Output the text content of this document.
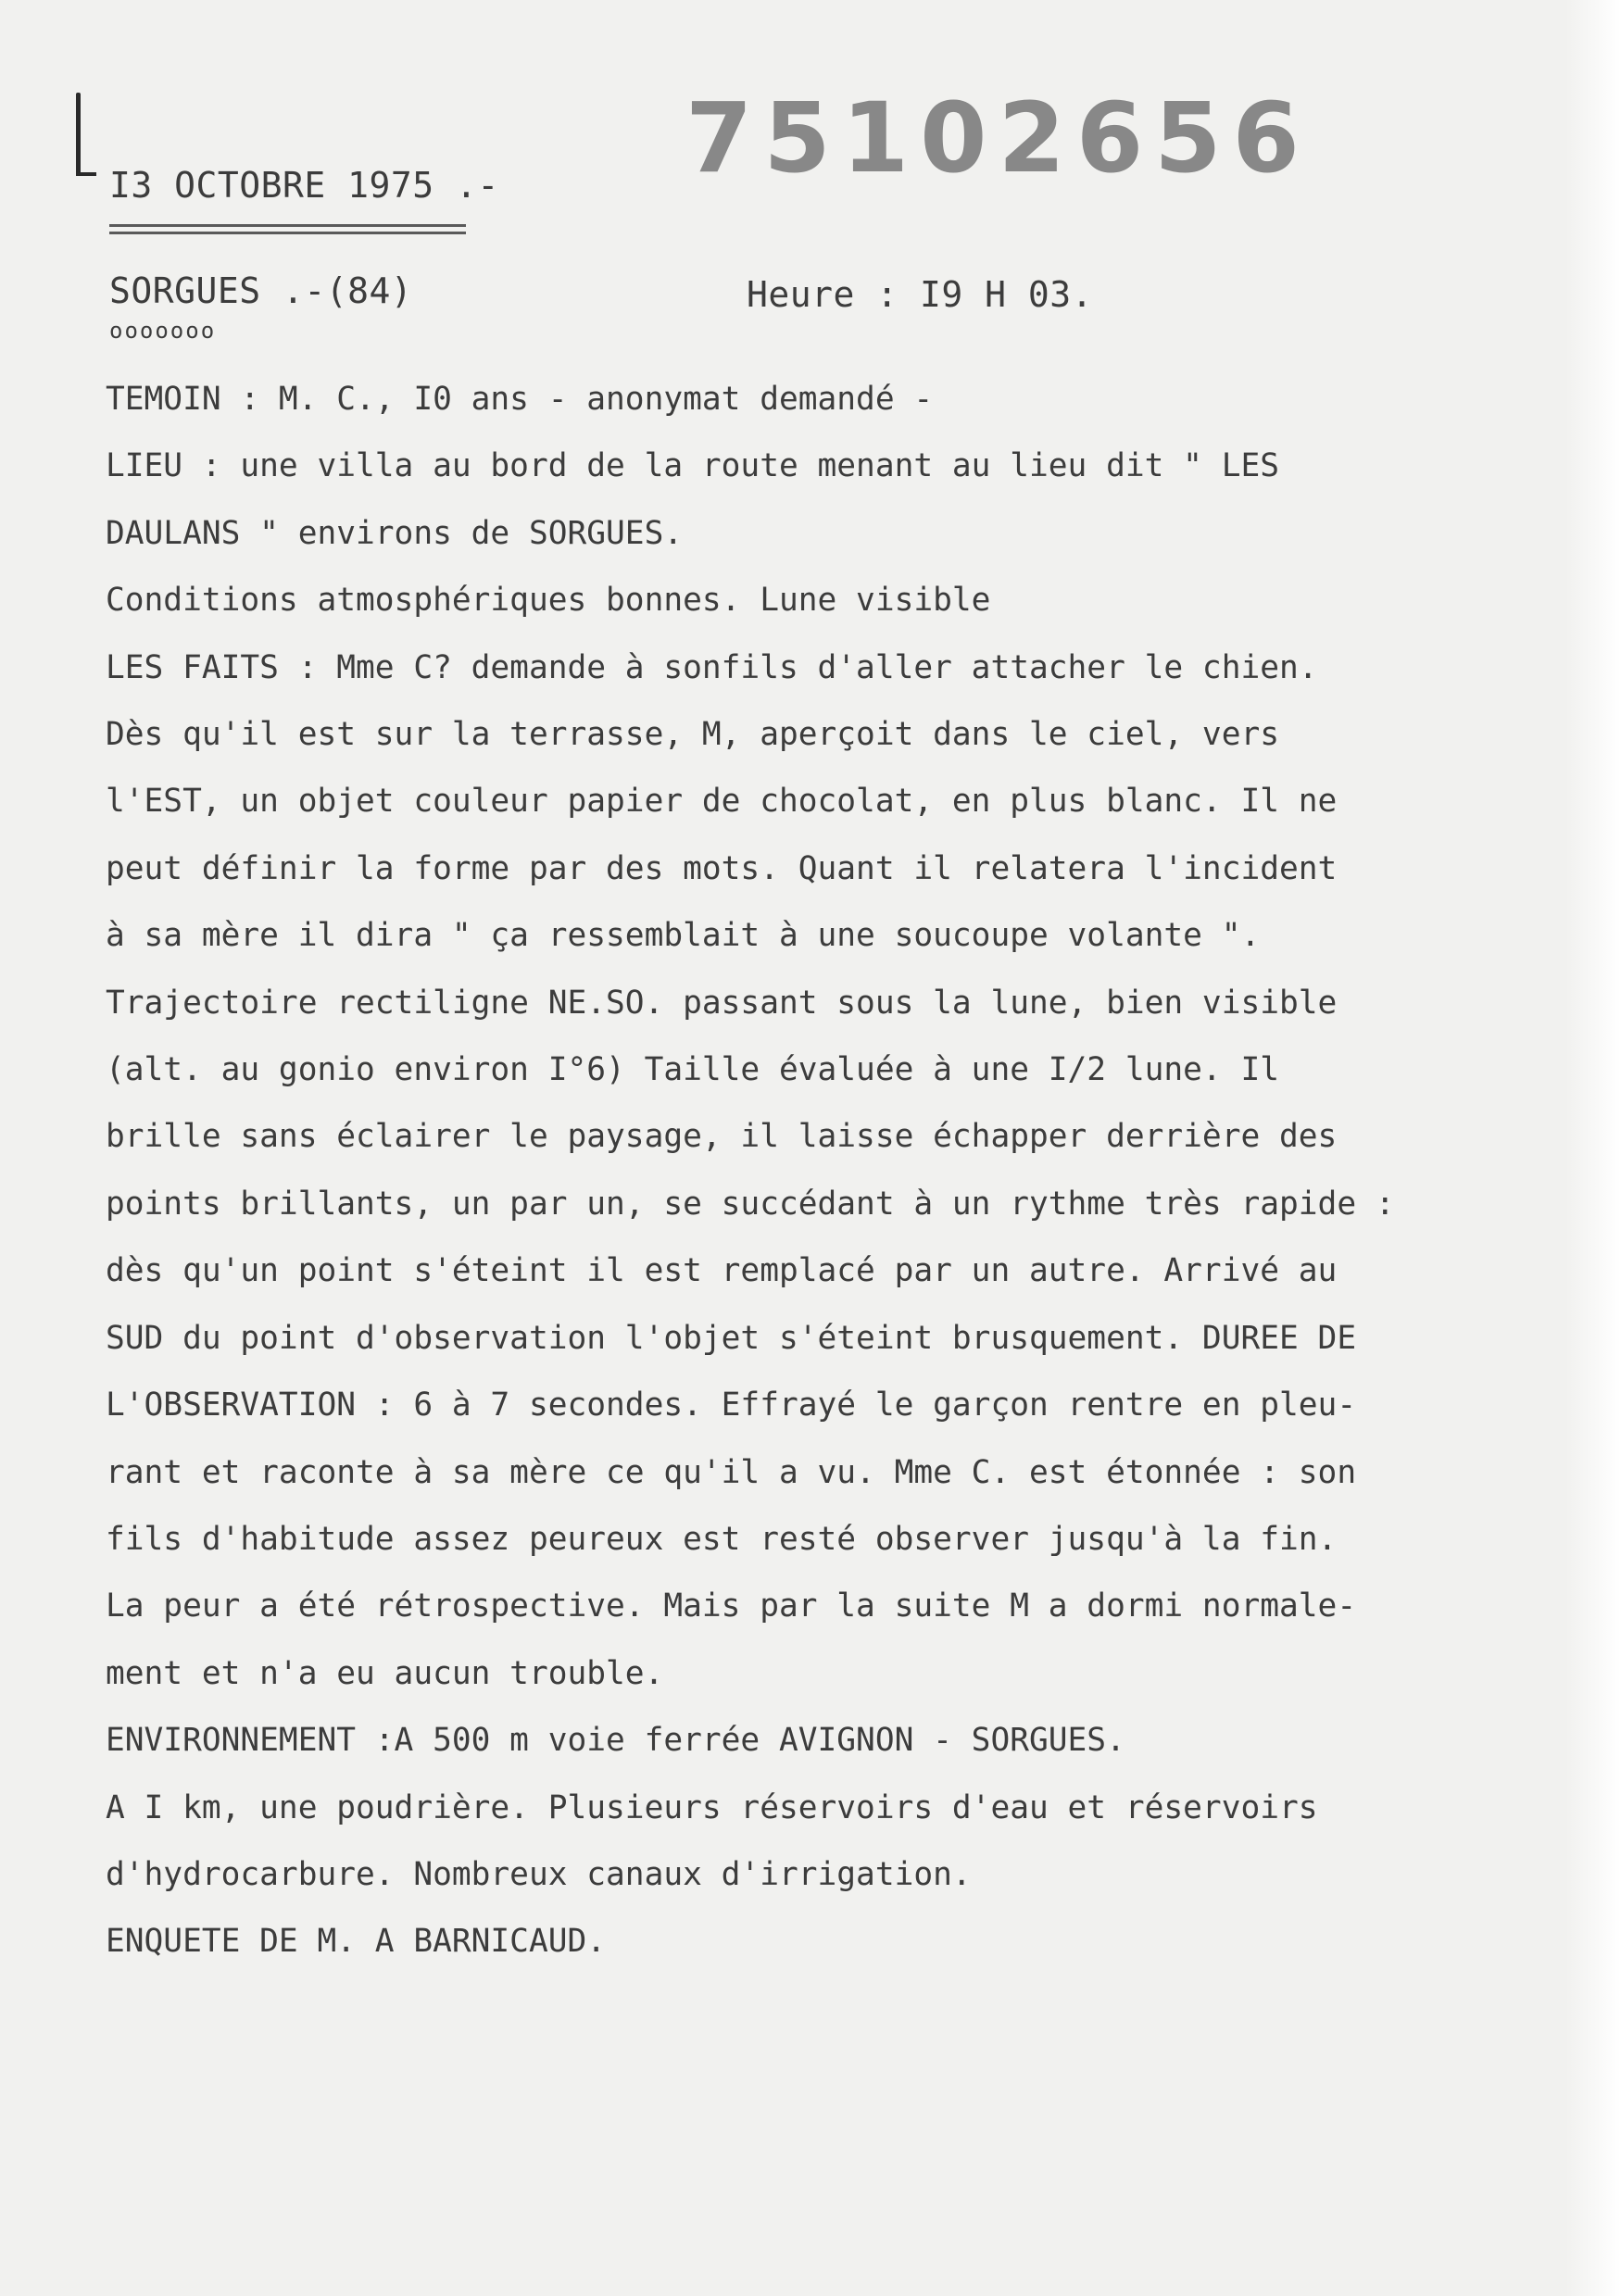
75102656
I3 OCTOBRE 1975 .-
SORGUES .-(84)
ooooooo
Heure : I9 H 03.
TEMOIN : M. C., I0 ans - anonymat demandé -
LIEU : une villa au bord de la route menant au lieu dit " LES
DAULANS " environs de SORGUES.
Conditions atmosphériques bonnes. Lune visible
LES FAITS : Mme C? demande à sonfils d'aller attacher le chien.
Dès qu'il est sur la terrasse, M, aperçoit dans le ciel, vers
l'EST, un objet couleur papier de chocolat, en plus blanc. Il ne
peut définir la forme par des mots. Quant il relatera l'incident
à sa mère il dira " ça ressemblait à une soucoupe volante ".
Trajectoire rectiligne NE.SO. passant sous la lune, bien visible
(alt. au gonio environ I°6) Taille évaluée à une I/2 lune. Il
brille sans éclairer le paysage, il laisse échapper derrière des
points brillants, un par un, se succédant à un rythme très rapide :
dès qu'un point s'éteint il est remplacé par un autre. Arrivé au
SUD du point d'observation l'objet s'éteint brusquement. DUREE DE
L'OBSERVATION : 6 à 7 secondes. Effrayé le garçon rentre en pleu-
rant et raconte à sa mère ce qu'il a vu. Mme C. est étonnée : son
fils d'habitude assez peureux est resté observer jusqu'à la fin.
La peur a été rétrospective. Mais par la suite M a dormi normale-
ment et n'a eu aucun trouble.
ENVIRONNEMENT :A 500 m voie ferrée AVIGNON - SORGUES.
A I km, une poudrière. Plusieurs réservoirs d'eau et réservoirs
d'hydrocarbure. Nombreux canaux d'irrigation.
ENQUETE DE M. A BARNICAUD.
